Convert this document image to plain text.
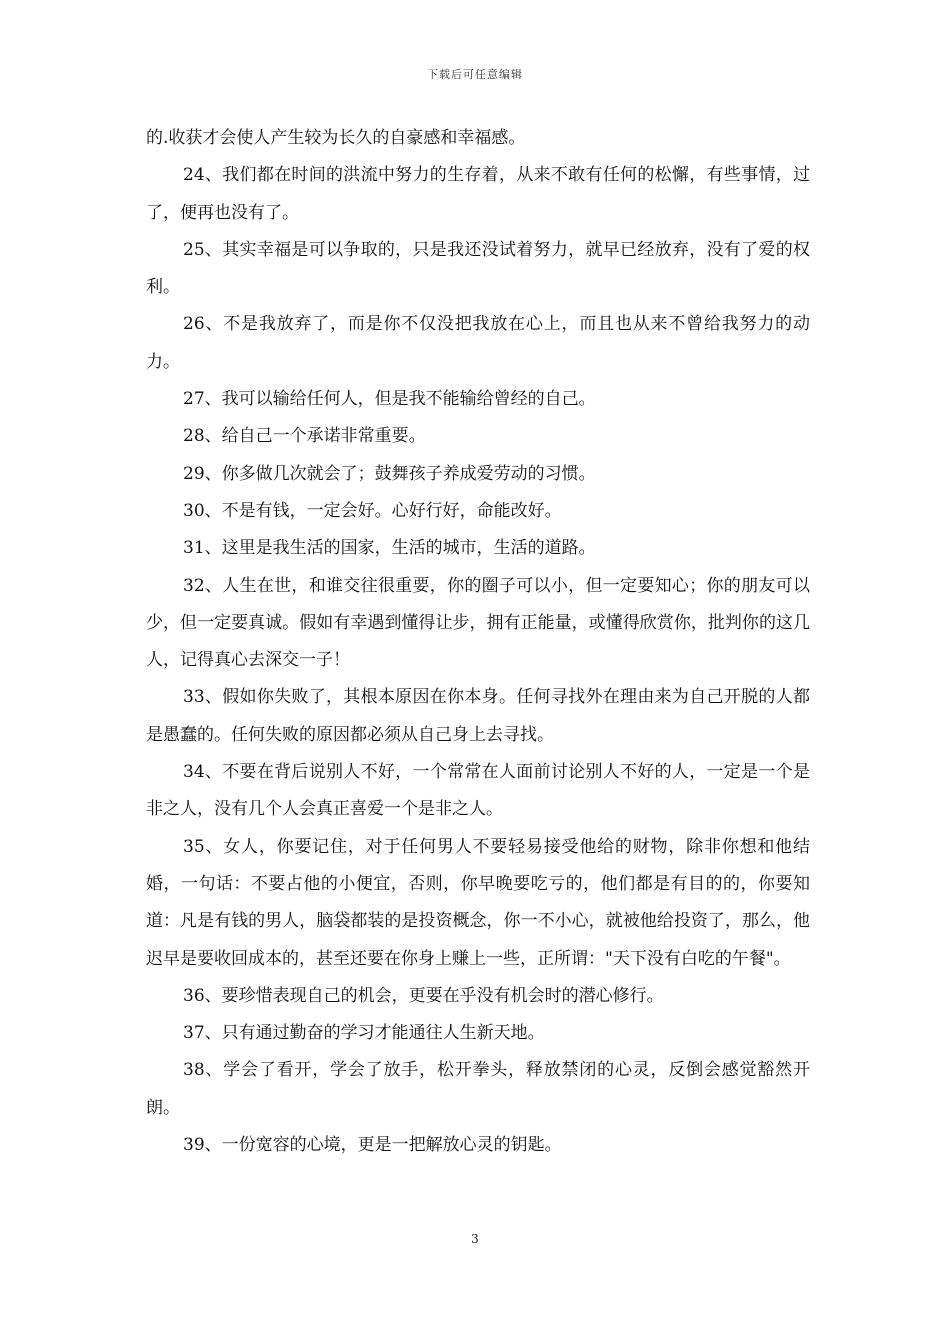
下载后可任意编辑

的.收获才会使人产生较为长久的自豪感和幸福感。

24、我们都在时间的洪流中努力的生存着，从来不敢有任何的松懈，有些事情，过了，便再也没有了。

25、其实幸福是可以争取的，只是我还没试着努力，就早已经放弃，没有了爱的权利。

26、不是我放弃了，而是你不仅没把我放在心上，而且也从来不曾给我努力的动力。

27、我可以输给任何人，但是我不能输给曾经的自己。

28、给自己一个承诺非常重要。

29、你多做几次就会了；鼓舞孩子养成爱劳动的习惯。

30、不是有钱，一定会好。心好行好，命能改好。

31、这里是我生活的国家，生活的城市，生活的道路。

32、人生在世，和谁交往很重要，你的圈子可以小，但一定要知心；你的朋友可以少，但一定要真诚。假如有幸遇到懂得让步，拥有正能量，或懂得欣赏你，批判你的这几人，记得真心去深交一子！

33、假如你失败了，其根本原因在你本身。任何寻找外在理由来为自己开脱的人都是愚蠢的。任何失败的原因都必须从自己身上去寻找。

34、不要在背后说别人不好，一个常常在人面前讨论别人不好的人，一定是一个是非之人，没有几个人会真正喜爱一个是非之人。

35、女人，你要记住，对于任何男人不要轻易接受他给的财物，除非你想和他结婚，一句话：不要占他的小便宜，否则，你早晚要吃亏的，他们都是有目的的，你要知道：凡是有钱的男人，脑袋都装的是投资概念，你一不小心，就被他给投资了，那么，他迟早是要收回成本的，甚至还要在你身上赚上一些，正所谓："天下没有白吃的午餐"。

36、要珍惜表现自己的机会，更要在乎没有机会时的潜心修行。

37、只有通过勤奋的学习才能通往人生新天地。

38、学会了看开，学会了放手，松开拳头，释放禁闭的心灵，反倒会感觉豁然开朗。

39、一份宽容的心境，更是一把解放心灵的钥匙。

3
